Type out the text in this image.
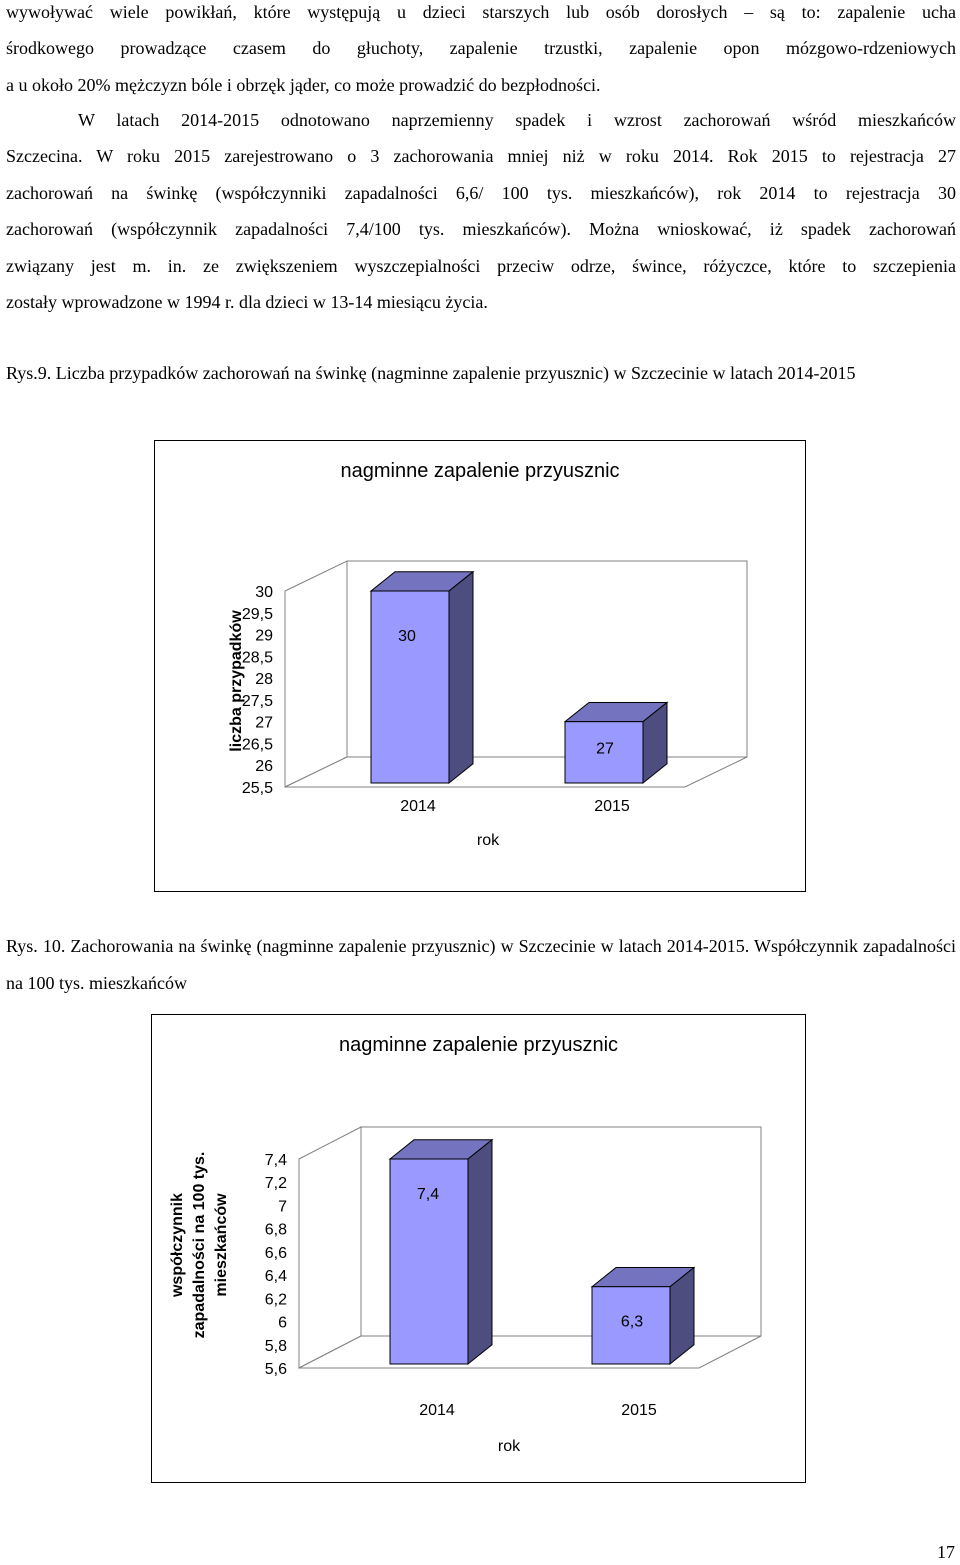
wywoływać wiele powikłań, które występują u dzieci starszych lub osób dorosłych – są to: zapalenie ucha
środkowego prowadzące czasem do głuchoty, zapalenie trzustki, zapalenie opon mózgowo-rdzeniowych
a u około 20% mężczyzn bóle i obrzęk jąder, co może prowadzić do bezpłodności.
W latach 2014-2015 odnotowano naprzemienny spadek i wzrost zachorowań wśród mieszkańców
Szczecina. W roku 2015 zarejestrowano o 3 zachorowania mniej niż w roku 2014. Rok 2015 to rejestracja 27
zachorowań na świnkę (współczynniki zapadalności 6,6/ 100 tys. mieszkańców), rok 2014 to rejestracja 30
zachorowań (współczynnik zapadalności 7,4/100 tys. mieszkańców). Można wnioskować, iż spadek zachorowań
związany jest m. in. ze zwiększeniem wyszczepialności przeciw odrze, śwince, różyczce, które to szczepienia
zostały wprowadzone w 1994 r. dla dzieci w 13-14 miesiącu życia.
Rys.9. Liczba przypadków zachorowań na świnkę (nagminne zapalenie przyusznic) w Szczecinie w latach 2014-2015
nagminne zapalenie przyusznic
25,5
26
26,5
27
27,5
28
28,5
29
29,5
30
30
2014
27
2015
rok
liczba przypadków
Rys. 10. Zachorowania na świnkę (nagminne zapalenie przyusznic) w Szczecinie w latach 2014-2015. Współczynnik zapadalności na 100 tys. mieszkańców
nagminne zapalenie przyusznic
5,6
5,8
6
6,2
6,4
6,6
6,8
7
7,2
7,4
7,4
2014
6,3
2015
rok
współczynnik zapadalności na 100 tys. mieszkańców
17
